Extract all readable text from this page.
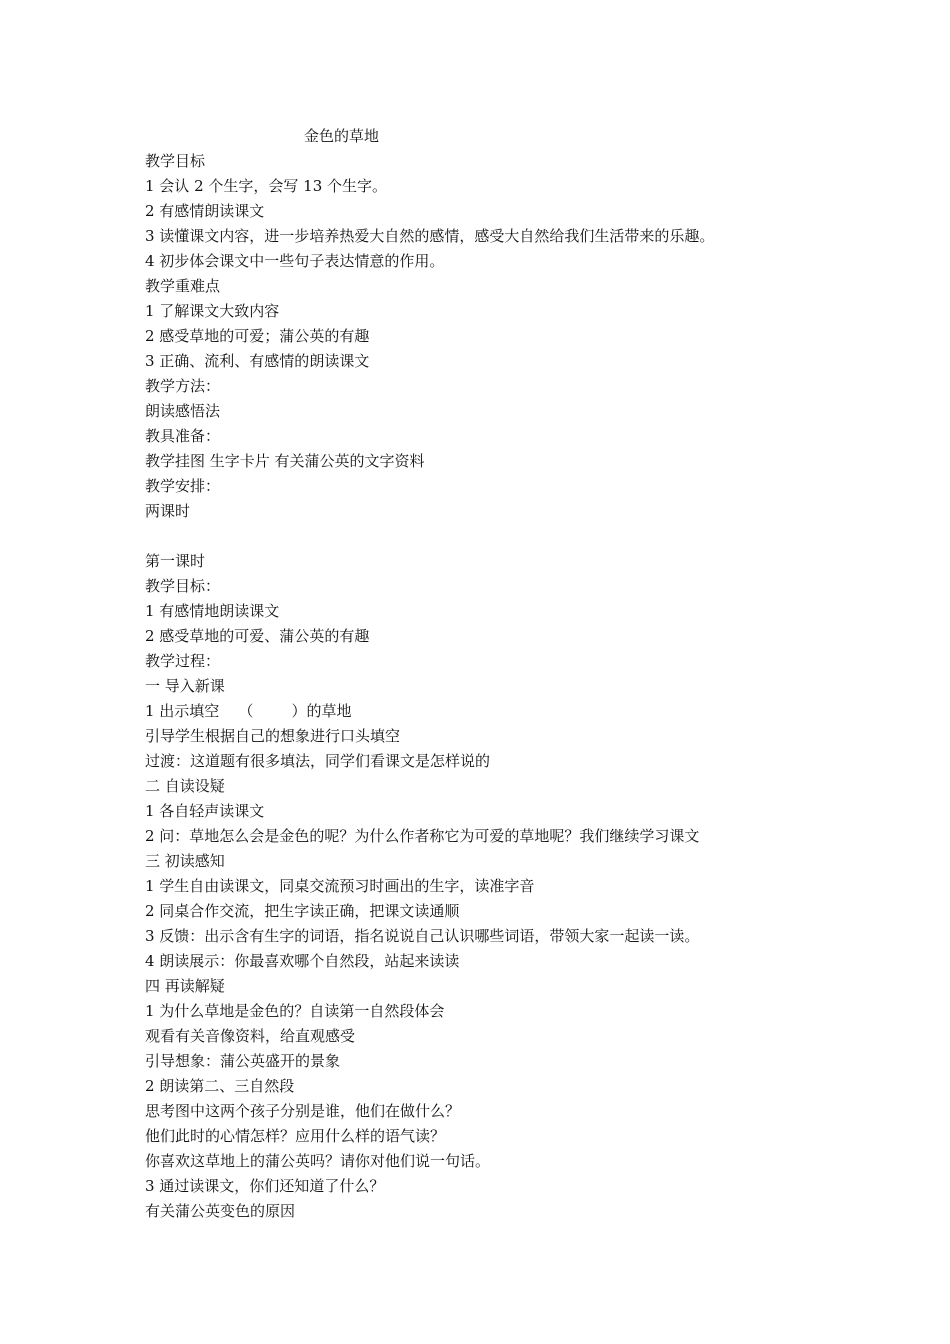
金色的草地
教学目标
1 会认 2 个生字，会写 13 个生字。
2 有感情朗读课文
3 读懂课文内容，进一步培养热爱大自然的感情，感受大自然给我们生活带来的乐趣。
4 初步体会课文中一些句子表达情意的作用。
教学重难点
1 了解课文大致内容
2 感受草地的可爱；蒲公英的有趣
3 正确、流利、有感情的朗读课文
教学方法：
朗读感悟法
教具准备：
教学挂图 生字卡片 有关蒲公英的文字资料
教学安排：
两课时
第一课时
教学目标：
1 有感情地朗读课文
2 感受草地的可爱、蒲公英的有趣
教学过程：
一 导入新课
1 出示填空    （        ）的草地
引导学生根据自己的想象进行口头填空
过渡：这道题有很多填法，同学们看课文是怎样说的
二 自读设疑
1 各自轻声读课文
2 问：草地怎么会是金色的呢？为什么作者称它为可爱的草地呢？我们继续学习课文
三 初读感知
1 学生自由读课文，同桌交流预习时画出的生字，读准字音
2 同桌合作交流，把生字读正确，把课文读通顺
3 反馈：出示含有生字的词语，指名说说自己认识哪些词语，带领大家一起读一读。
4 朗读展示：你最喜欢哪个自然段，站起来读读
四 再读解疑
1 为什么草地是金色的？自读第一自然段体会
观看有关音像资料，给直观感受
引导想象：蒲公英盛开的景象
2 朗读第二、三自然段
思考图中这两个孩子分别是谁，他们在做什么？
他们此时的心情怎样？应用什么样的语气读？
你喜欢这草地上的蒲公英吗？请你对他们说一句话。
3 通过读课文，你们还知道了什么？
有关蒲公英变色的原因
